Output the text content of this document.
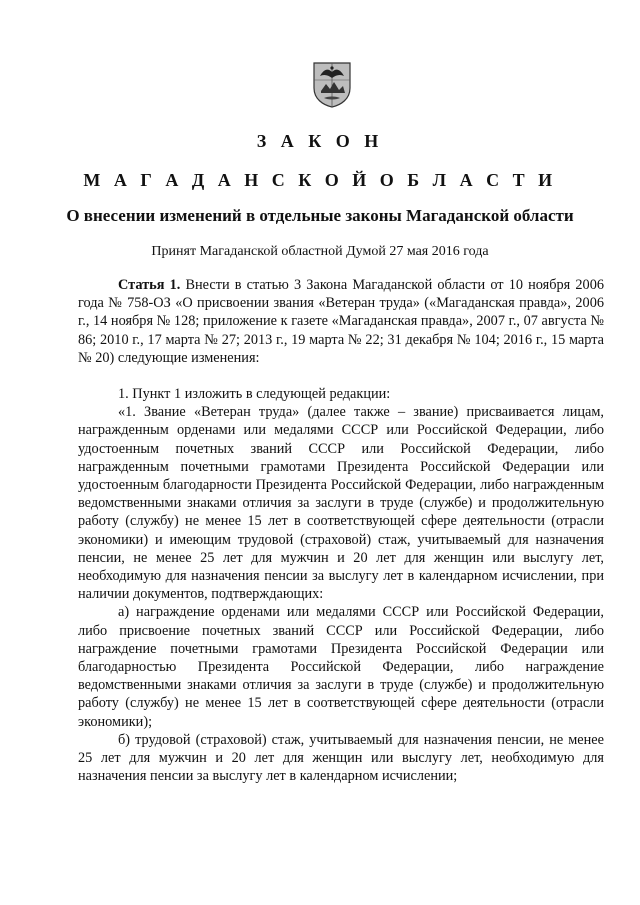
З А К О Н
М А Г А Д А Н С К О Й О Б Л А С Т И
О внесении изменений в отдельные законы Магаданской области
Принят Магаданской областной Думой 27 мая 2016 года

Статья 1. Внести в статью 3 Закона Магаданской области от 10 ноября 2006 года № 758-ОЗ «О присвоении звания «Ветеран труда» («Магаданская правда», 2006 г., 14 ноября № 128; приложение к газете «Магаданская правда», 2007 г., 07 августа № 86; 2010 г., 17 марта № 27; 2013 г., 19 марта № 22; 31 декабря № 104; 2016 г., 15 марта № 20) следующие изменения:

1. Пункт 1 изложить в следующей редакции:

«1. Звание «Ветеран труда» (далее также – звание) присваивается лицам, награжденным орденами или медалями СССР или Российской Федерации, либо удостоенным почетных званий СССР или Российской Федерации, либо награжденным почетными грамотами Президента Российской Федерации или удостоенным благодарности Президента Российской Федерации, либо награжденным ведомственными знаками отличия за заслуги в труде (службе) и продолжительную работу (службу) не менее 15 лет в соответствующей сфере деятельности (отрасли экономики) и имеющим трудовой (страховой) стаж, учитываемый для назначения пенсии, не менее 25 лет для мужчин и 20 лет для женщин или выслугу лет, необходимую для назначения пенсии за выслугу лет в календарном исчислении, при наличии документов, подтверждающих:

а) награждение орденами или медалями СССР или Российской Федерации, либо присвоение почетных званий СССР или Российской Федерации, либо награждение почетными грамотами Президента Российской Федерации или благодарностью Президента Российской Федерации, либо награждение ведомственными знаками отличия за заслуги в труде (службе) и продолжительную работу (службу) не менее 15 лет в соответствующей сфере деятельности (отрасли экономики);

б) трудовой (страховой) стаж, учитываемый для назначения пенсии, не менее 25 лет для мужчин и 20 лет для женщин или выслугу лет, необходимую для назначения пенсии за выслугу лет в календарном исчислении;
